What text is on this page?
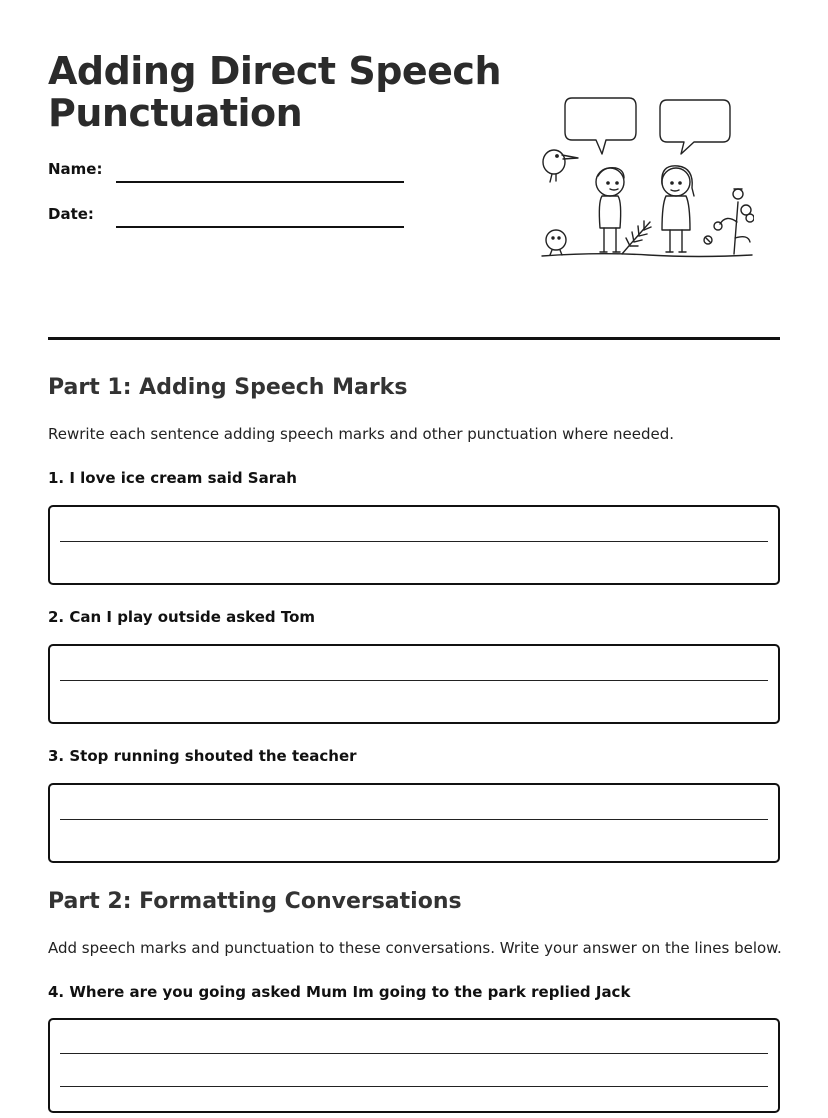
Adding Direct Speech Punctuation
Name:
Date:
Part 1: Adding Speech Marks
Rewrite each sentence adding speech marks and other punctuation where needed.
1. I love ice cream said Sarah
2. Can I play outside asked Tom
3. Stop running shouted the teacher
Part 2: Formatting Conversations
Add speech marks and punctuation to these conversations. Write your answer on the lines below.
4. Where are you going asked Mum Im going to the park replied Jack
